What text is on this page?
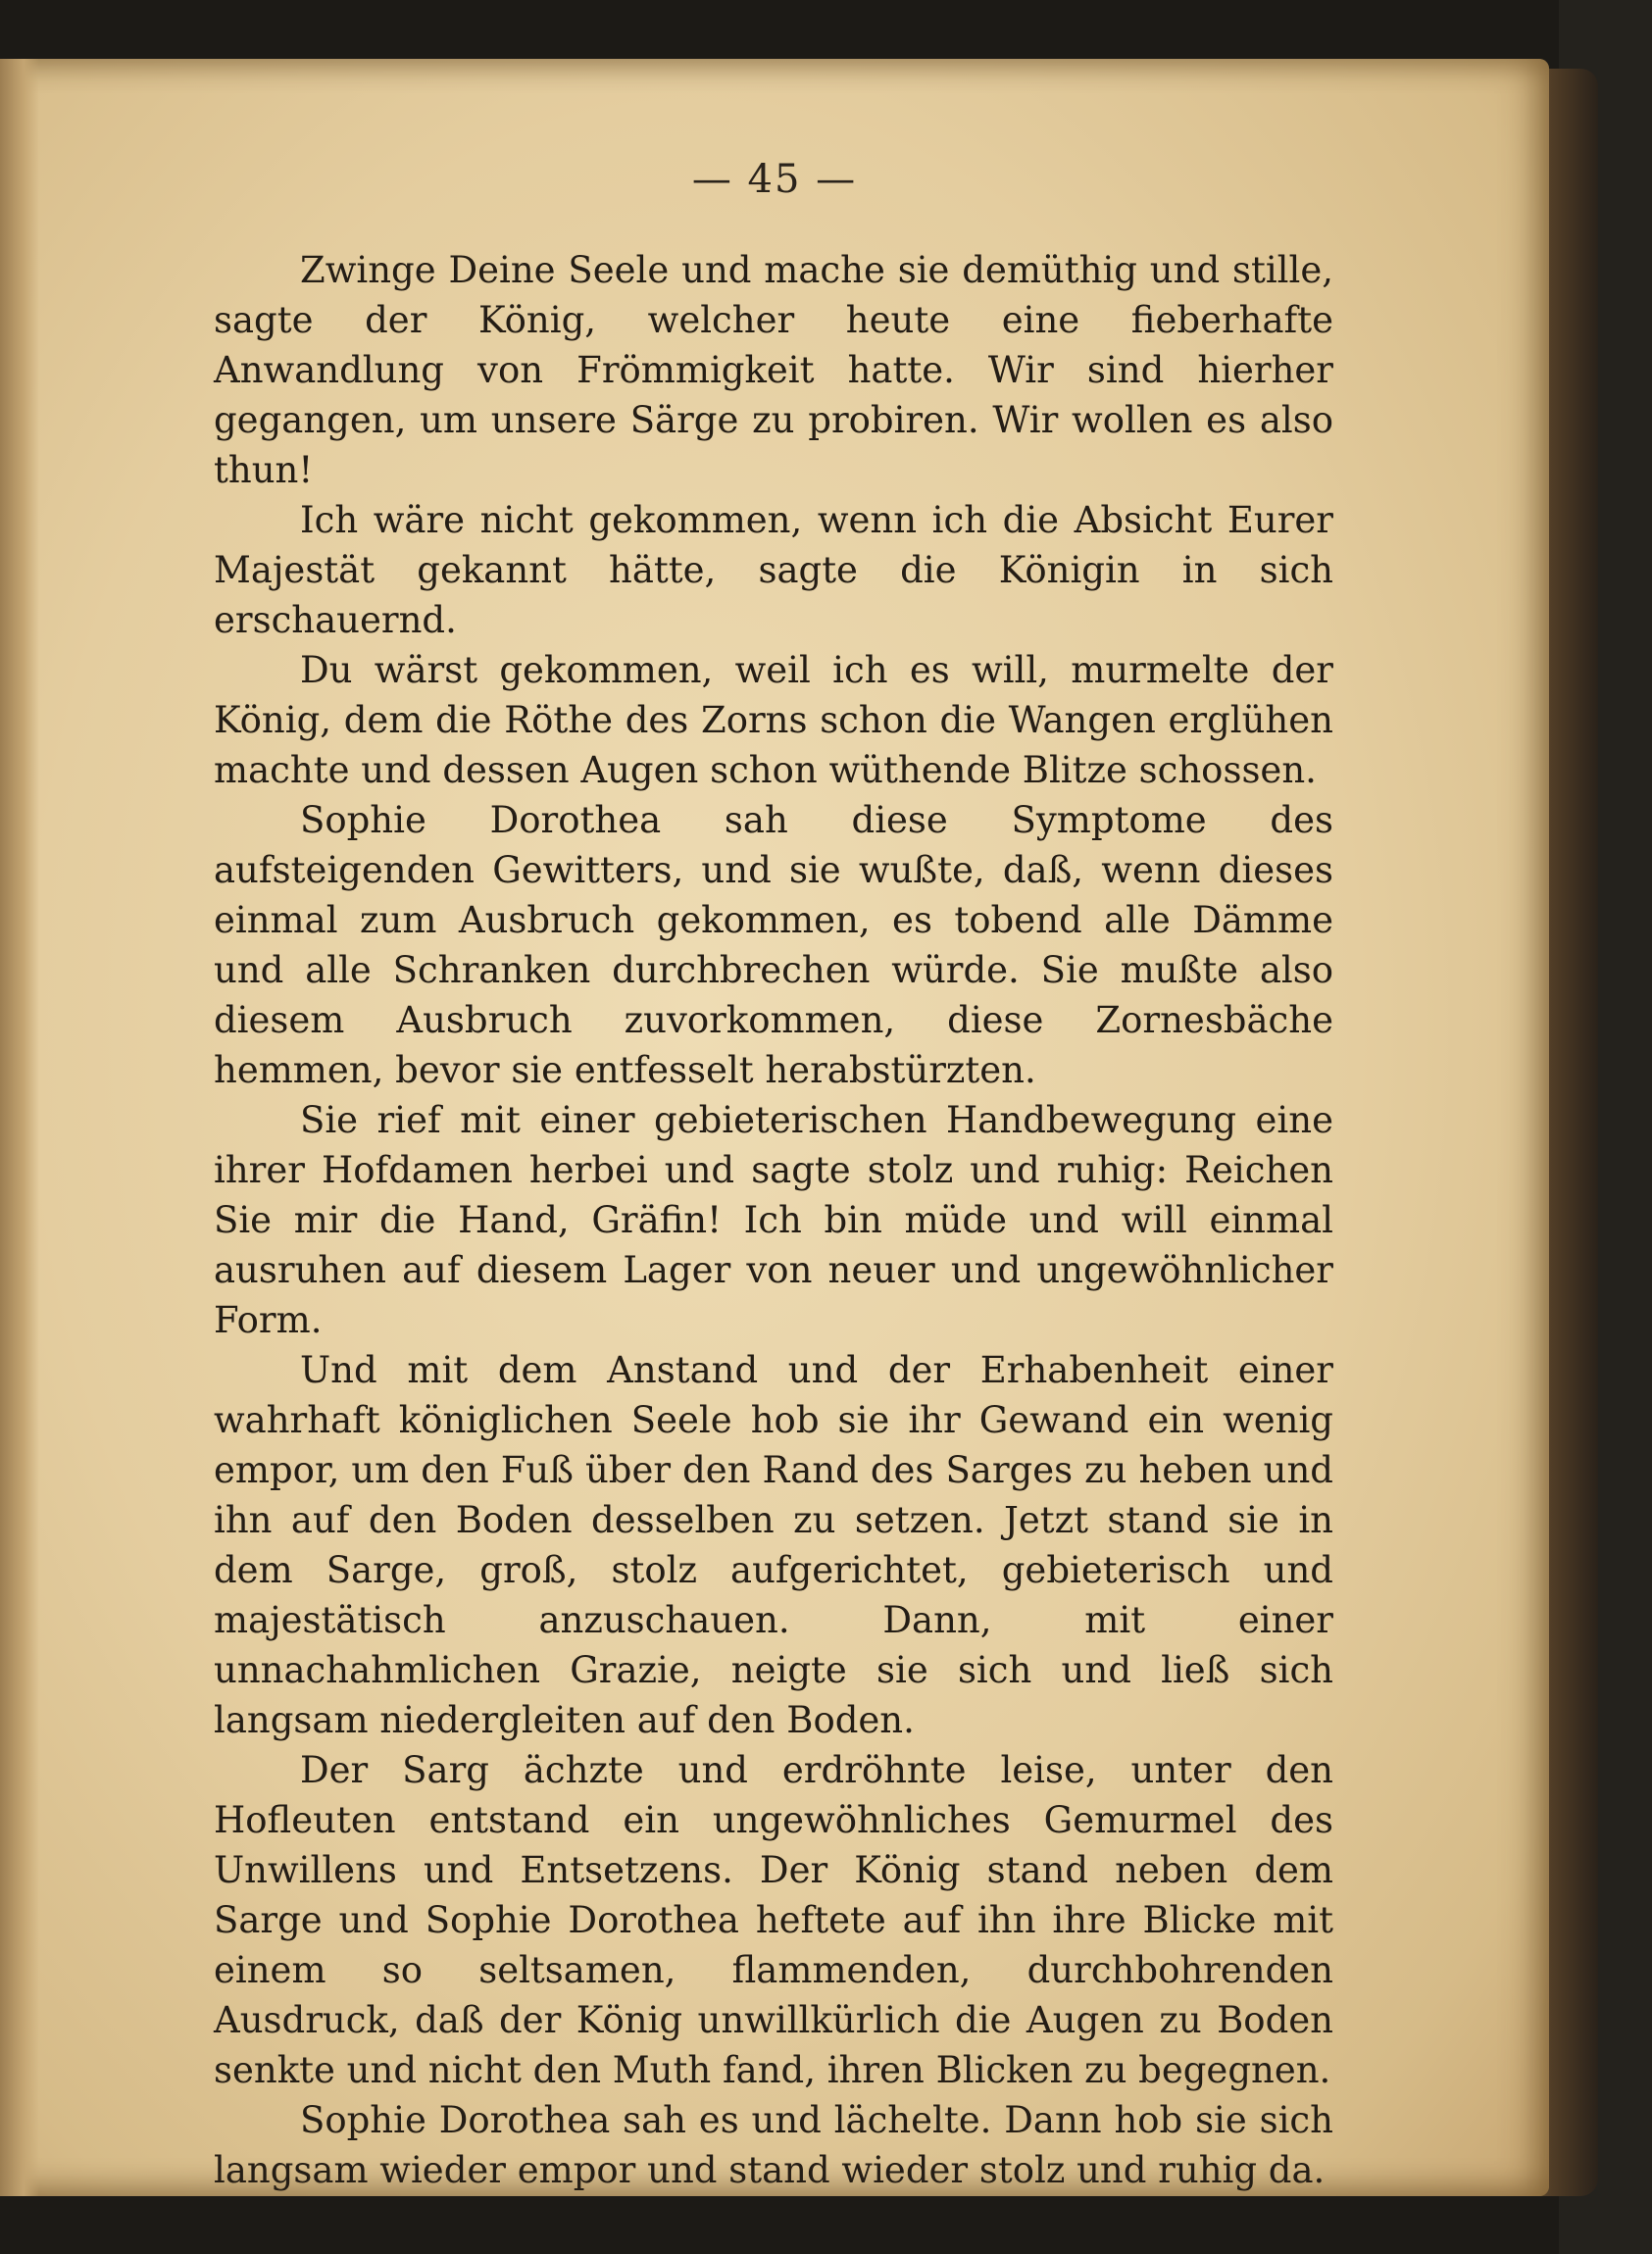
— 45 —

Zwinge Deine Seele und mache sie demüthig und stille, sagte der König, welcher heute eine fieberhafte Anwandlung von Frömmigkeit hatte. Wir sind hierher gegangen, um unsere Särge zu probiren. Wir wollen es also thun!

Ich wäre nicht gekommen, wenn ich die Absicht Eurer Majestät gekannt hätte, sagte die Königin in sich erschauernd.

Du wärst gekommen, weil ich es will, murmelte der König, dem die Röthe des Zorns schon die Wangen erglühen machte und dessen Augen schon wüthende Blitze schossen.

Sophie Dorothea sah diese Symptome des aufsteigenden Gewitters, und sie wußte, daß, wenn dieses einmal zum Ausbruch gekommen, es tobend alle Dämme und alle Schranken durchbrechen würde. Sie mußte also diesem Ausbruch zuvorkommen, diese Zornesbäche hemmen, bevor sie entfesselt herabstürzten.

Sie rief mit einer gebieterischen Handbewegung eine ihrer Hofdamen herbei und sagte stolz und ruhig: Reichen Sie mir die Hand, Gräfin! Ich bin müde und will einmal ausruhen auf diesem Lager von neuer und ungewöhnlicher Form.

Und mit dem Anstand und der Erhabenheit einer wahrhaft königlichen Seele hob sie ihr Gewand ein wenig empor, um den Fuß über den Rand des Sarges zu heben und ihn auf den Boden desselben zu setzen. Jetzt stand sie in dem Sarge, groß, stolz aufgerichtet, gebieterisch und majestätisch anzuschauen. Dann, mit einer unnachahmlichen Grazie, neigte sie sich und ließ sich langsam niedergleiten auf den Boden.

Der Sarg ächzte und erdröhnte leise, unter den Hofleuten entstand ein ungewöhnliches Gemurmel des Unwillens und Entsetzens. Der König stand neben dem Sarge und Sophie Dorothea heftete auf ihn ihre Blicke mit einem so seltsamen, flammenden, durchbohrenden Ausdruck, daß der König unwillkürlich die Augen zu Boden senkte und nicht den Muth fand, ihren Blicken zu begegnen.

Sophie Dorothea sah es und lächelte. Dann hob sie sich langsam wieder empor und stand wieder stolz und ruhig da.
